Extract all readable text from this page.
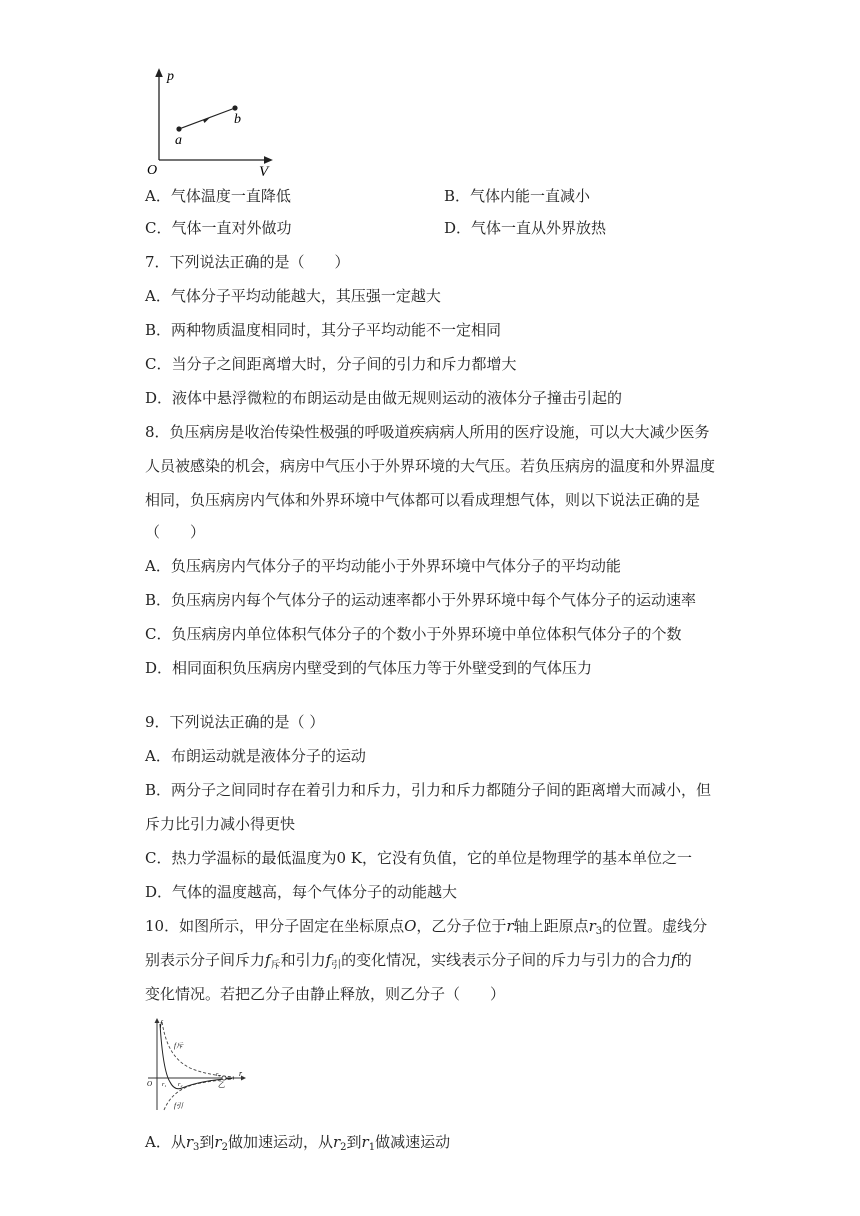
p
V
O
a
b
A．气体温度一直降低	B．气体内能一直减小
C．气体一直对外做功	D．气体一直从外界放热
7．下列说法正确的是（　　）
A．气体分子平均动能越大，其压强一定越大
B．两种物质温度相同时，其分子平均动能不一定相同
C．当分子之间距离增大时，分子间的引力和斥力都增大
D．液体中悬浮微粒的布朗运动是由做无规则运动的液体分子撞击引起的
8．负压病房是收治传染性极强的呼吸道疾病病人所用的医疗设施，可以大大减少医务
人员被感染的机会，病房中气压小于外界环境的大气压。若负压病房的温度和外界温度
相同，负压病房内气体和外界环境中气体都可以看成理想气体，则以下说法正确的是
（　　）
A．负压病房内气体分子的平均动能小于外界环境中气体分子的平均动能
B．负压病房内每个气体分子的运动速率都小于外界环境中每个气体分子的运动速率
C．负压病房内单位体积气体分子的个数小于外界环境中单位体积气体分子的个数
D．相同面积负压病房内壁受到的气体压力等于外壁受到的气体压力
9．下列说法正确的是（ ）
A．布朗运动就是液体分子的运动
B．两分子之间同时存在着引力和斥力，引力和斥力都随分子间的距离增大而减小，但
斥力比引力减小得更快
C．热力学温标的最低温度为0 K，它没有负值，它的单位是物理学的基本单位之一
D．气体的温度越高，每个气体分子的动能越大
10．如图所示，甲分子固定在坐标原点O，乙分子位于r轴上距原点$r_3$的位置。虚线分
别表示分子间斥力$f_斥$和引力$f_引$的变化情况，实线表示分子间的斥力与引力的合力f的
变化情况。若把乙分子由静止释放，则乙分子（　　）
f
r
O
f斥
f引
r₁ r₂
r₃
乙
A．从$r_3$到$r_2$做加速运动，从$r_2$到$r_1$做减速运动
